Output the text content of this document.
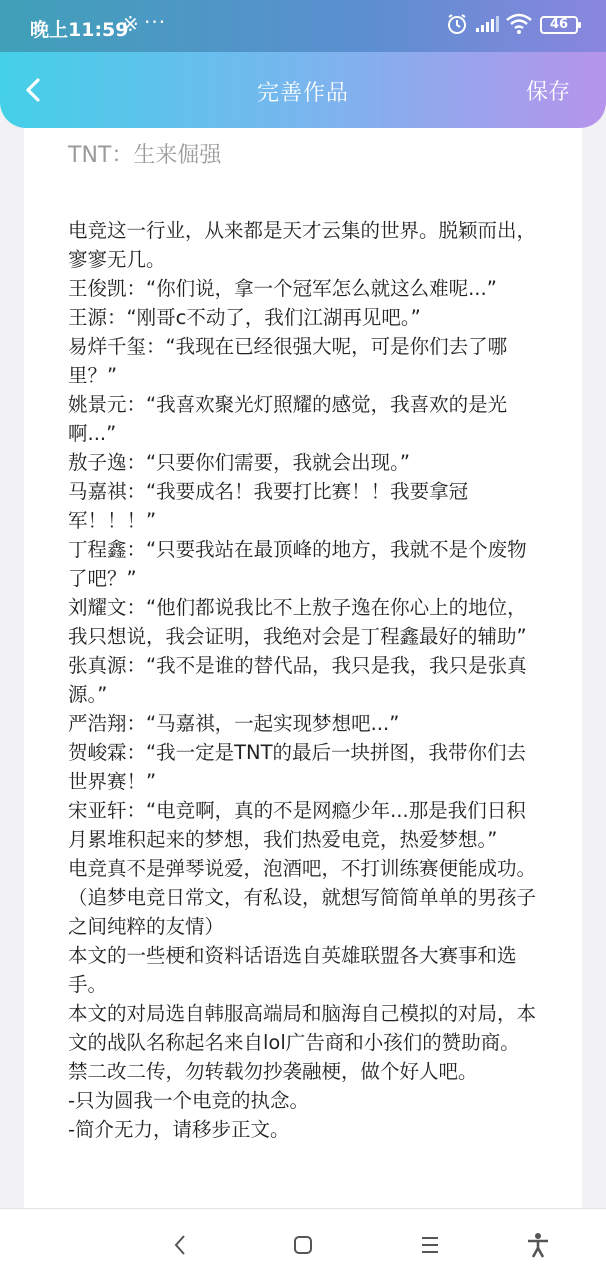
晚上11:59
※ ···	46
完善作品	保存
TNT：生来倔强
电竞这一行业，从来都是天才云集的世界。脱颖而出，寥寥无几。
王俊凯：“你们说，拿一个冠军怎么就这么难呢...”
王源：“刚哥c不动了，我们江湖再见吧。”
易烊千玺：“我现在已经很强大呢，可是你们去了哪里？”
姚景元：“我喜欢聚光灯照耀的感觉，我喜欢的是光啊...”
敖子逸：“只要你们需要，我就会出现。”
马嘉祺：“我要成名！我要打比赛！！我要拿冠军！！！”
丁程鑫：“只要我站在最顶峰的地方，我就不是个废物了吧？”
刘耀文：“他们都说我比不上敖子逸在你心上的地位，我只想说，我会证明，我绝对会是丁程鑫最好的辅助”
张真源：“我不是谁的替代品，我只是我，我只是张真源。”
严浩翔：“马嘉祺，一起实现梦想吧...”
贺峻霖：“我一定是TNT的最后一块拼图，我带你们去世界赛！”
宋亚轩：“电竞啊，真的不是网瘾少年...那是我们日积月累堆积起来的梦想，我们热爱电竞，热爱梦想。”
电竞真不是弹琴说爱，泡酒吧，不打训练赛便能成功。
（追梦电竞日常文，有私设，就想写简简单单的男孩子之间纯粹的友情）
本文的一些梗和资料话语选自英雄联盟各大赛事和选手。
本文的对局选自韩服高端局和脑海自己模拟的对局，本文的战队名称起名来自lol广告商和小孩们的赞助商。
禁二改二传，勿转载勿抄袭融梗，做个好人吧。
-只为圆我一个电竞的执念。
-简介无力，请移步正文。
